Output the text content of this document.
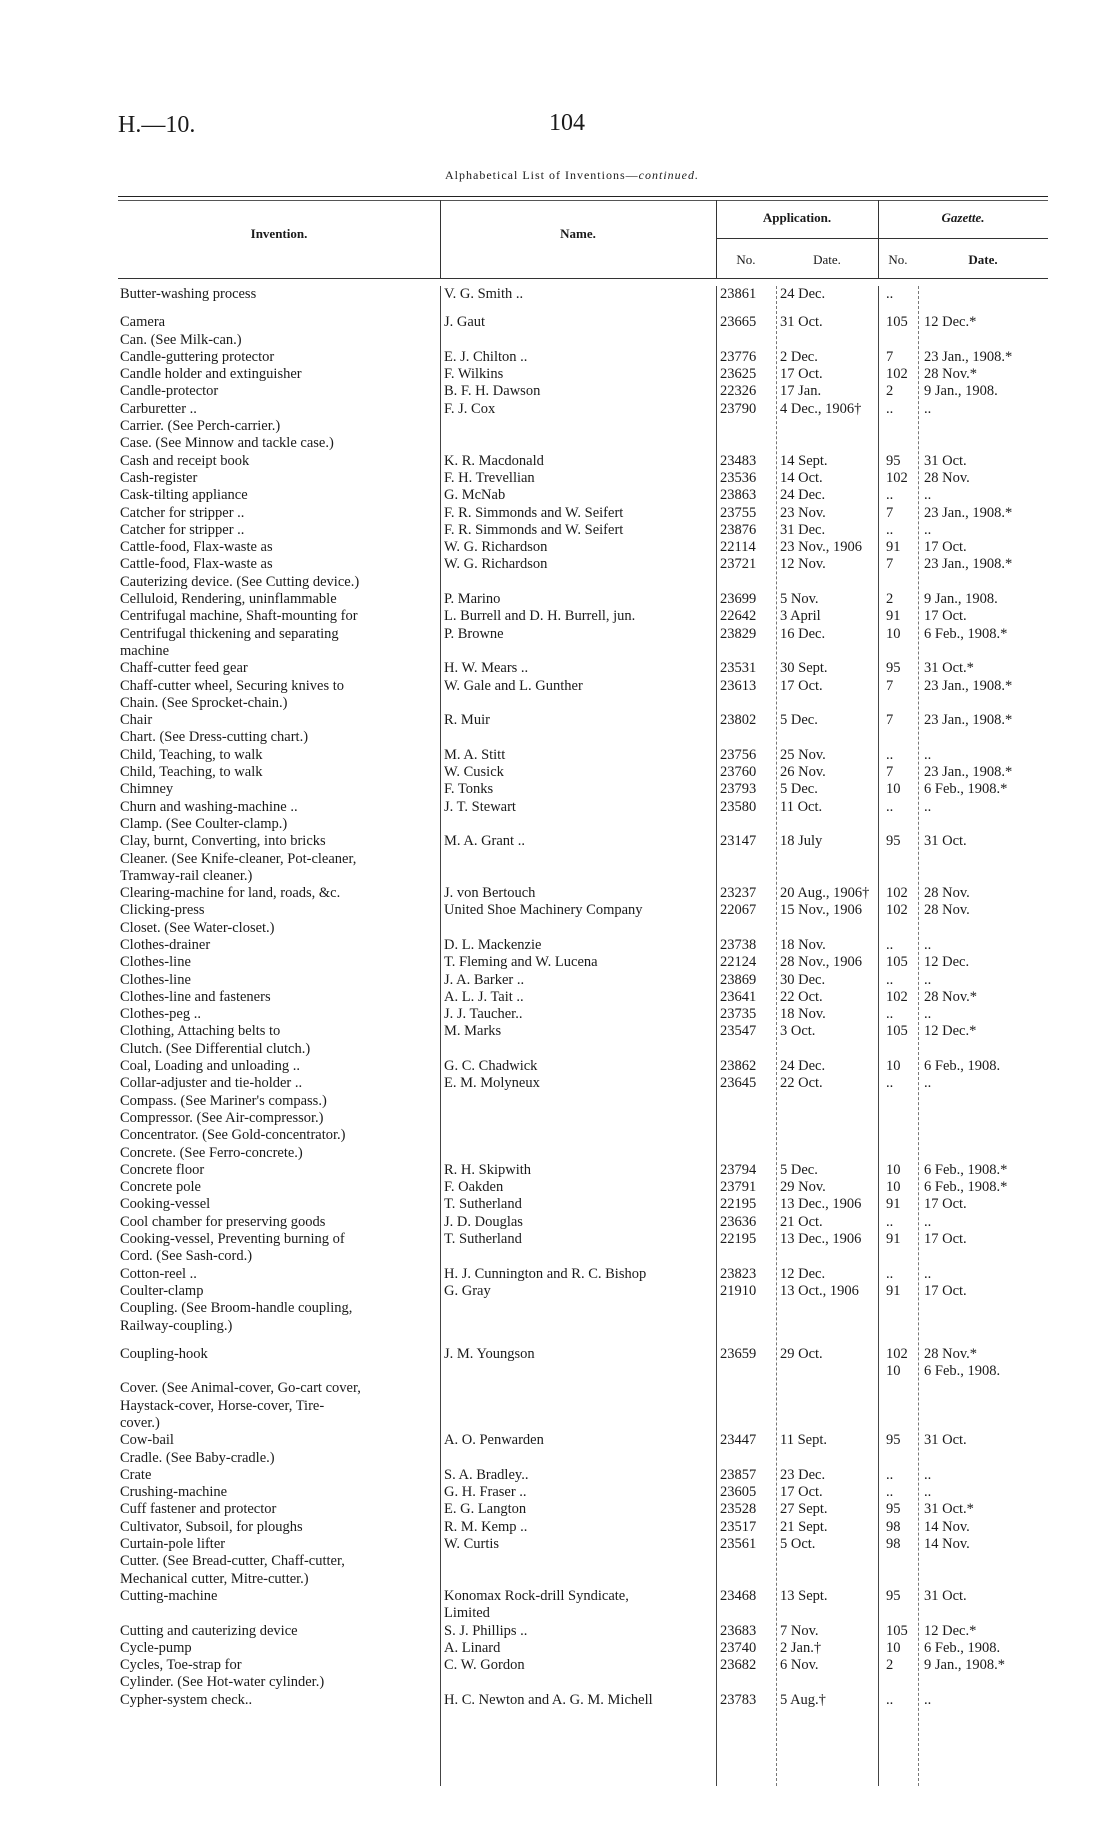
H.—10.	104
Alphabetical List of Inventions—continued.
Invention.	Name.
Application.	Gazette.
No.	Date.	No.	Date.
Butter-washing process	V. G. Smith ..	23861	24 Dec.	..
Camera	J. Gaut	23665	31 Oct.	105	12 Dec.*
Can. (See Milk-can.)
Candle-guttering protector	E. J. Chilton ..	23776	2 Dec.	7	23 Jan., 1908.*
Candle holder and extinguisher	F. Wilkins	23625	17 Oct.	102	28 Nov.*
Candle-protector	B. F. H. Dawson	22326	17 Jan.	2	9 Jan., 1908.
Carburetter ..	F. J. Cox	23790	4 Dec., 1906†	..	..
Carrier. (See Perch-carrier.)
Case. (See Minnow and tackle case.)
Cash and receipt book	K. R. Macdonald	23483	14 Sept.	95	31 Oct.
Cash-register	F. H. Trevellian	23536	14 Oct.	102	28 Nov.
Cask-tilting appliance	G. McNab	23863	24 Dec.	..	..
Catcher for stripper ..	F. R. Simmonds and W. Seifert	23755	23 Nov.	7	23 Jan., 1908.*
Catcher for stripper ..	F. R. Simmonds and W. Seifert	23876	31 Dec.	..	..
Cattle-food, Flax-waste as	W. G. Richardson	22114	23 Nov., 1906	91	17 Oct.
Cattle-food, Flax-waste as	W. G. Richardson	23721	12 Nov.	7	23 Jan., 1908.*
Cauterizing device. (See Cutting device.)
Celluloid, Rendering, uninflammable	P. Marino	23699	5 Nov.	2	9 Jan., 1908.
Centrifugal machine, Shaft-mounting for	L. Burrell and D. H. Burrell, jun.	22642	3 April	91	17 Oct.
Centrifugal thickening and separating	P. Browne	23829	16 Dec.	10	6 Feb., 1908.*
machine
Chaff-cutter feed gear	H. W. Mears ..	23531	30 Sept.	95	31 Oct.*
Chaff-cutter wheel, Securing knives to	W. Gale and L. Gunther	23613	17 Oct.	7	23 Jan., 1908.*
Chain. (See Sprocket-chain.)
Chair	R. Muir	23802	5 Dec.	7	23 Jan., 1908.*
Chart. (See Dress-cutting chart.)
Child, Teaching, to walk	M. A. Stitt	23756	25 Nov.	..	..
Child, Teaching, to walk	W. Cusick	23760	26 Nov.	7	23 Jan., 1908.*
Chimney	F. Tonks	23793	5 Dec.	10	6 Feb., 1908.*
Churn and washing-machine ..	J. T. Stewart	23580	11 Oct.	..	..
Clamp. (See Coulter-clamp.)
Clay, burnt, Converting, into bricks	M. A. Grant ..	23147	18 July	95	31 Oct.
Cleaner. (See Knife-cleaner, Pot-cleaner,
Tramway-rail cleaner.)
Clearing-machine for land, roads, &c.	J. von Bertouch	23237	20 Aug., 1906†	102	28 Nov.
Clicking-press	United Shoe Machinery Company	22067	15 Nov., 1906	102	28 Nov.
Closet. (See Water-closet.)
Clothes-drainer	D. L. Mackenzie	23738	18 Nov.	..	..
Clothes-line	T. Fleming and W. Lucena	22124	28 Nov., 1906	105	12 Dec.
Clothes-line	J. A. Barker ..	23869	30 Dec.	..	..
Clothes-line and fasteners	A. L. J. Tait ..	23641	22 Oct.	102	28 Nov.*
Clothes-peg ..	J. J. Taucher..	23735	18 Nov.	..	..
Clothing, Attaching belts to	M. Marks	23547	3 Oct.	105	12 Dec.*
Clutch. (See Differential clutch.)
Coal, Loading and unloading ..	G. C. Chadwick	23862	24 Dec.	10	6 Feb., 1908.
Collar-adjuster and tie-holder ..	E. M. Molyneux	23645	22 Oct.	..	..
Compass. (See Mariner's compass.)
Compressor. (See Air-compressor.)
Concentrator. (See Gold-concentrator.)
Concrete. (See Ferro-concrete.)
Concrete floor	R. H. Skipwith	23794	5 Dec.	10	6 Feb., 1908.*
Concrete pole	F. Oakden	23791	29 Nov.	10	6 Feb., 1908.*
Cooking-vessel	T. Sutherland	22195	13 Dec., 1906	91	17 Oct.
Cool chamber for preserving goods	J. D. Douglas	23636	21 Oct.	..	..
Cooking-vessel, Preventing burning of	T. Sutherland	22195	13 Dec., 1906	91	17 Oct.
Cord. (See Sash-cord.)
Cotton-reel ..	H. J. Cunnington and R. C. Bishop	23823	12 Dec.	..	..
Coulter-clamp	G. Gray	21910	13 Oct., 1906	91	17 Oct.
Coupling. (See Broom-handle coupling,
Railway-coupling.)
Coupling-hook	J. M. Youngson	23659	29 Oct.	102	28 Nov.*
10	6 Feb., 1908.
Cover. (See Animal-cover, Go-cart cover,
Haystack-cover, Horse-cover, Tire-
cover.)
Cow-bail	A. O. Penwarden	23447	11 Sept.	95	31 Oct.
Cradle. (See Baby-cradle.)
Crate	S. A. Bradley..	23857	23 Dec.	..	..
Crushing-machine	G. H. Fraser ..	23605	17 Oct.	..	..
Cuff fastener and protector	E. G. Langton	23528	27 Sept.	95	31 Oct.*
Cultivator, Subsoil, for ploughs	R. M. Kemp ..	23517	21 Sept.	98	14 Nov.
Curtain-pole lifter	W. Curtis	23561	5 Oct.	98	14 Nov.
Cutter. (See Bread-cutter, Chaff-cutter,
Mechanical cutter, Mitre-cutter.)
Cutting-machine	Konomax Rock-drill Syndicate,	23468	13 Sept.	95	31 Oct.
Limited
Cutting and cauterizing device	S. J. Phillips ..	23683	7 Nov.	105	12 Dec.*
Cycle-pump	A. Linard	23740	2 Jan.†	10	6 Feb., 1908.
Cycles, Toe-strap for	C. W. Gordon	23682	6 Nov.	2	9 Jan., 1908.*
Cylinder. (See Hot-water cylinder.)
Cypher-system check..	H. C. Newton and A. G. M. Michell	23783	5 Aug.†	..	..
